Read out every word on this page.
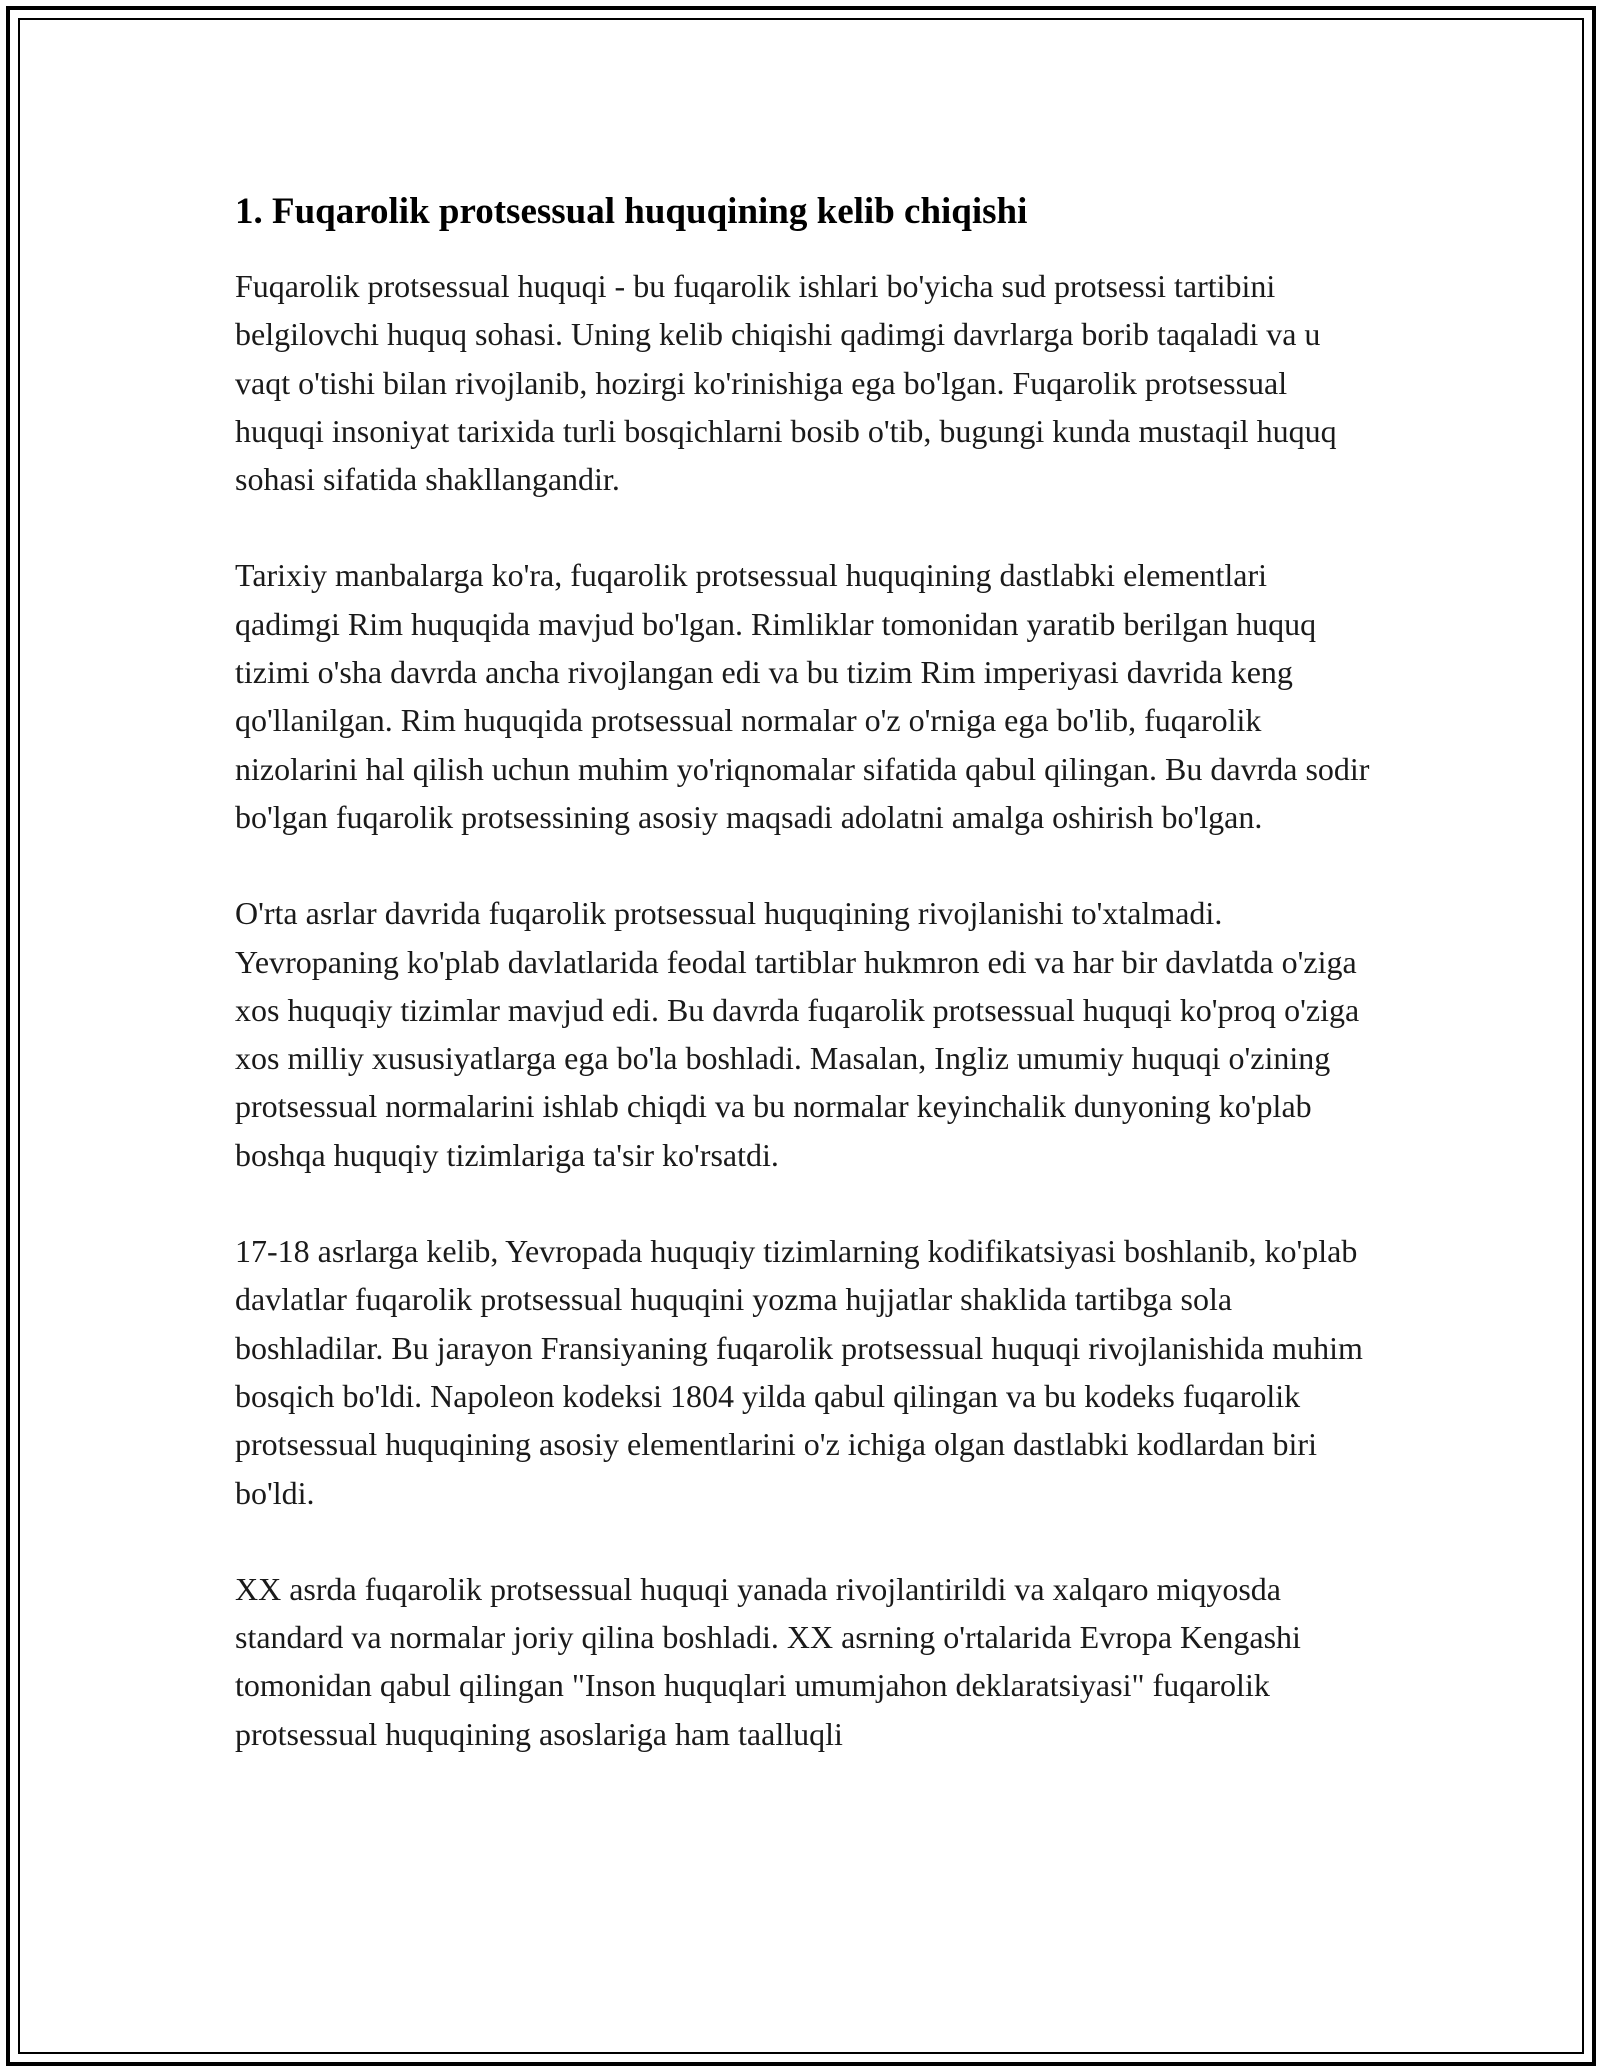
1. Fuqarolik protsessual huquqining kelib chiqishi

Fuqarolik protsessual huquqi - bu fuqarolik ishlari bo'yicha sud protsessi tartibini belgilovchi huquq sohasi. Uning kelib chiqishi qadimgi davrlarga borib taqaladi va u vaqt o'tishi bilan rivojlanib, hozirgi ko'rinishiga ega bo'lgan. Fuqarolik protsessual huquqi insoniyat tarixida turli bosqichlarni bosib o'tib, bugungi kunda mustaqil huquq sohasi sifatida shakllangandir.

Tarixiy manbalarga ko'ra, fuqarolik protsessual huquqining dastlabki elementlari qadimgi Rim huquqida mavjud bo'lgan. Rimliklar tomonidan yaratib berilgan huquq tizimi o'sha davrda ancha rivojlangan edi va bu tizim Rim imperiyasi davrida keng qo'llanilgan. Rim huquqida protsessual normalar o'z o'rniga ega bo'lib, fuqarolik nizolarini hal qilish uchun muhim yo'riqnomalar sifatida qabul qilingan. Bu davrda sodir bo'lgan fuqarolik protsessining asosiy maqsadi adolatni amalga oshirish bo'lgan.

O'rta asrlar davrida fuqarolik protsessual huquqining rivojlanishi to'xtalmadi. Yevropaning ko'plab davlatlarida feodal tartiblar hukmron edi va har bir davlatda o'ziga xos huquqiy tizimlar mavjud edi. Bu davrda fuqarolik protsessual huquqi ko'proq o'ziga xos milliy xususiyatlarga ega bo'la boshladi. Masalan, Ingliz umumiy huquqi o'zining protsessual normalarini ishlab chiqdi va bu normalar keyinchalik dunyoning ko'plab boshqa huquqiy tizimlariga ta'sir ko'rsatdi.

17-18 asrlarga kelib, Yevropada huquqiy tizimlarning kodifikatsiyasi boshlanib, ko'plab davlatlar fuqarolik protsessual huquqini yozma hujjatlar shaklida tartibga sola boshladilar. Bu jarayon Fransiyaning fuqarolik protsessual huquqi rivojlanishida muhim bosqich bo'ldi. Napoleon kodeksi 1804 yilda qabul qilingan va bu kodeks fuqarolik protsessual huquqining asosiy elementlarini o'z ichiga olgan dastlabki kodlardan biri bo'ldi.

XX asrda fuqarolik protsessual huquqi yanada rivojlantirildi va xalqaro miqyosda standard va normalar joriy qilina boshladi. XX asrning o'rtalarida Evropa Kengashi tomonidan qabul qilingan "Inson huquqlari umumjahon deklaratsiyasi" fuqarolik protsessual huquqining asoslariga ham taalluqli
